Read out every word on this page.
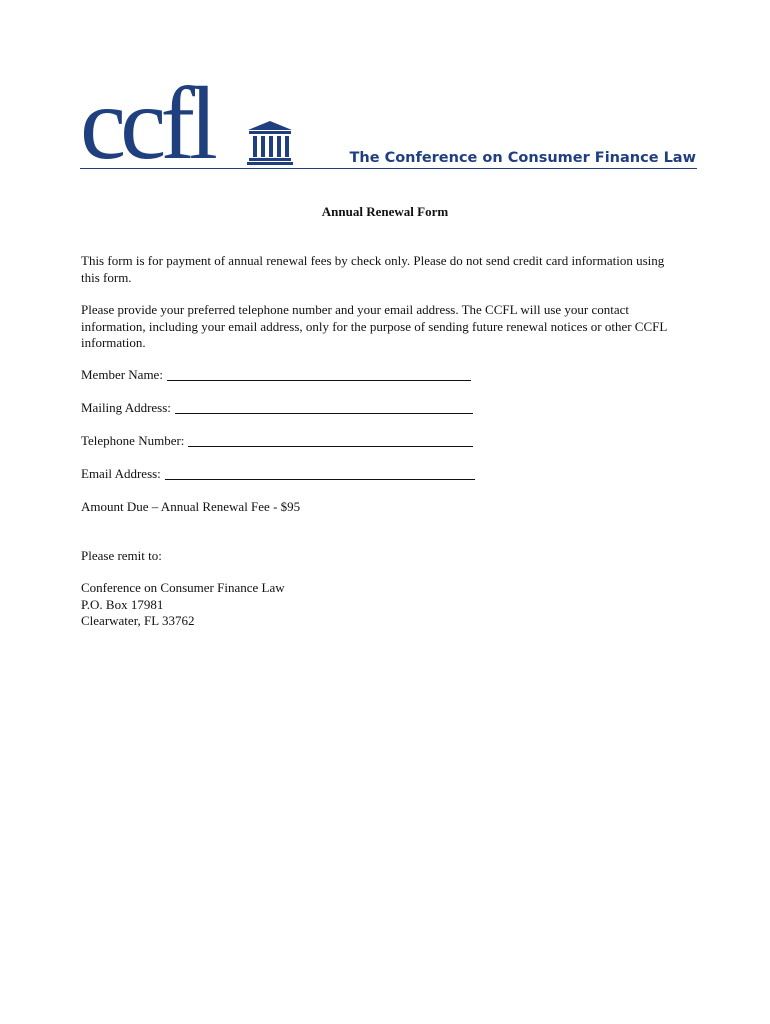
ccfl	The Conference on Consumer Finance Law
Annual Renewal Form
This form is for payment of annual renewal fees by check only. Please do not send credit card information using this form.
Please provide your preferred telephone number and your email address. The CCFL will use your contact information, including your email address, only for the purpose of sending future renewal notices or other CCFL information.
Member Name:
Mailing Address:
Telephone Number:
Email Address:
Amount Due – Annual Renewal Fee - $95
Please remit to:
Conference on Consumer Finance Law
P.O. Box 17981
Clearwater, FL 33762
